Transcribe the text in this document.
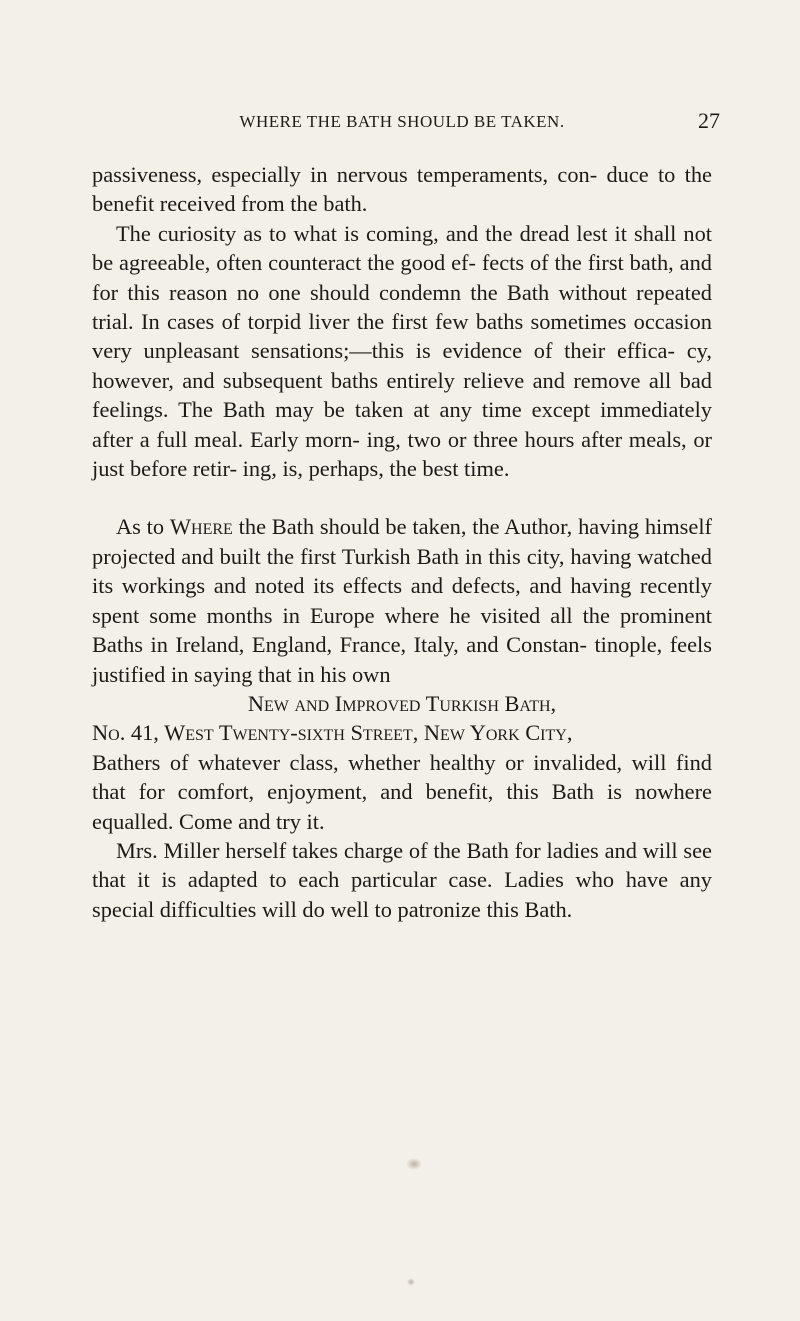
WHERE THE BATH SHOULD BE TAKEN.	27

passiveness, especially in nervous temperaments, con- duce to the benefit received from the bath.

The curiosity as to what is coming, and the dread lest it shall not be agreeable, often counteract the good ef- fects of the first bath, and for this reason no one should condemn the Bath without repeated trial. In cases of torpid liver the first few baths sometimes occasion very unpleasant sensations;—this is evidence of their effica- cy, however, and subsequent baths entirely relieve and remove all bad feelings. The Bath may be taken at any time except immediately after a full meal. Early morn- ing, two or three hours after meals, or just before retir- ing, is, perhaps, the best time.

As to Where the Bath should be taken, the Author, having himself projected and built the first Turkish Bath in this city, having watched its workings and noted its effects and defects, and having recently spent some months in Europe where he visited all the prominent Baths in Ireland, England, France, Italy, and Constan- tinople, feels justified in saying that in his own

New and Improved Turkish Bath,

No. 41, West Twenty-sixth Street, New York City,

Bathers of whatever class, whether healthy or invalided, will find that for comfort, enjoyment, and benefit, this Bath is nowhere equalled. Come and try it.

Mrs. Miller herself takes charge of the Bath for ladies and will see that it is adapted to each particular case. Ladies who have any special difficulties will do well to patronize this Bath.
